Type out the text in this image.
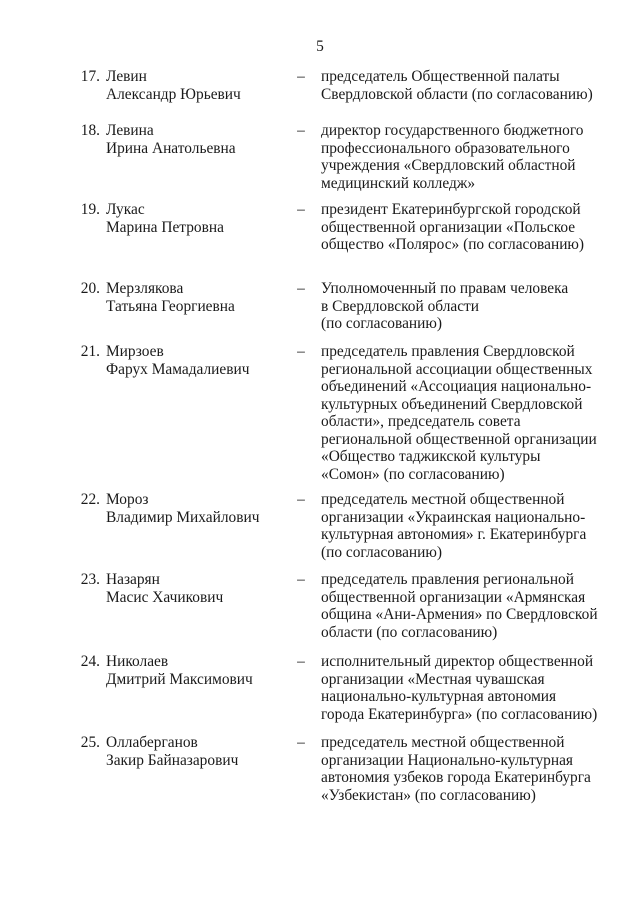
5
17. Левин
Александр Юрьевич
– председатель Общественной палаты
Свердловской области (по согласованию)
18. Левина
Ирина Анатольевна
– директор государственного бюджетного
профессионального образовательного
учреждения «Свердловский областной
медицинский колледж»
19. Лукас
Марина Петровна
– президент Екатеринбургской городской
общественной организации «Польское
общество «Полярос» (по согласованию)
20. Мерзлякова
Татьяна Георгиевна
– Уполномоченный по правам человека
в Свердловской области
(по согласованию)
21. Мирзоев
Фарух Мамадалиевич
– председатель правления Свердловской
региональной ассоциации общественных
объединений «Ассоциация национально-
культурных объединений Свердловской
области», председатель совета
региональной общественной организации
«Общество таджикской культуры
«Сомон» (по согласованию)
22. Мороз
Владимир Михайлович
– председатель местной общественной
организации «Украинская национально-
культурная автономия» г. Екатеринбурга
(по согласованию)
23. Назарян
Масис Хачикович
– председатель правления региональной
общественной организации «Армянская
община «Ани-Армения» по Свердловской
области (по согласованию)
24. Николаев
Дмитрий Максимович
– исполнительный директор общественной
организации «Местная чувашская
национально-культурная автономия
города Екатеринбурга» (по согласованию)
25. Оллаберганов
Закир Байназарович
– председатель местной общественной
организации Национально-культурная
автономия узбеков города Екатеринбурга
«Узбекистан» (по согласованию)
